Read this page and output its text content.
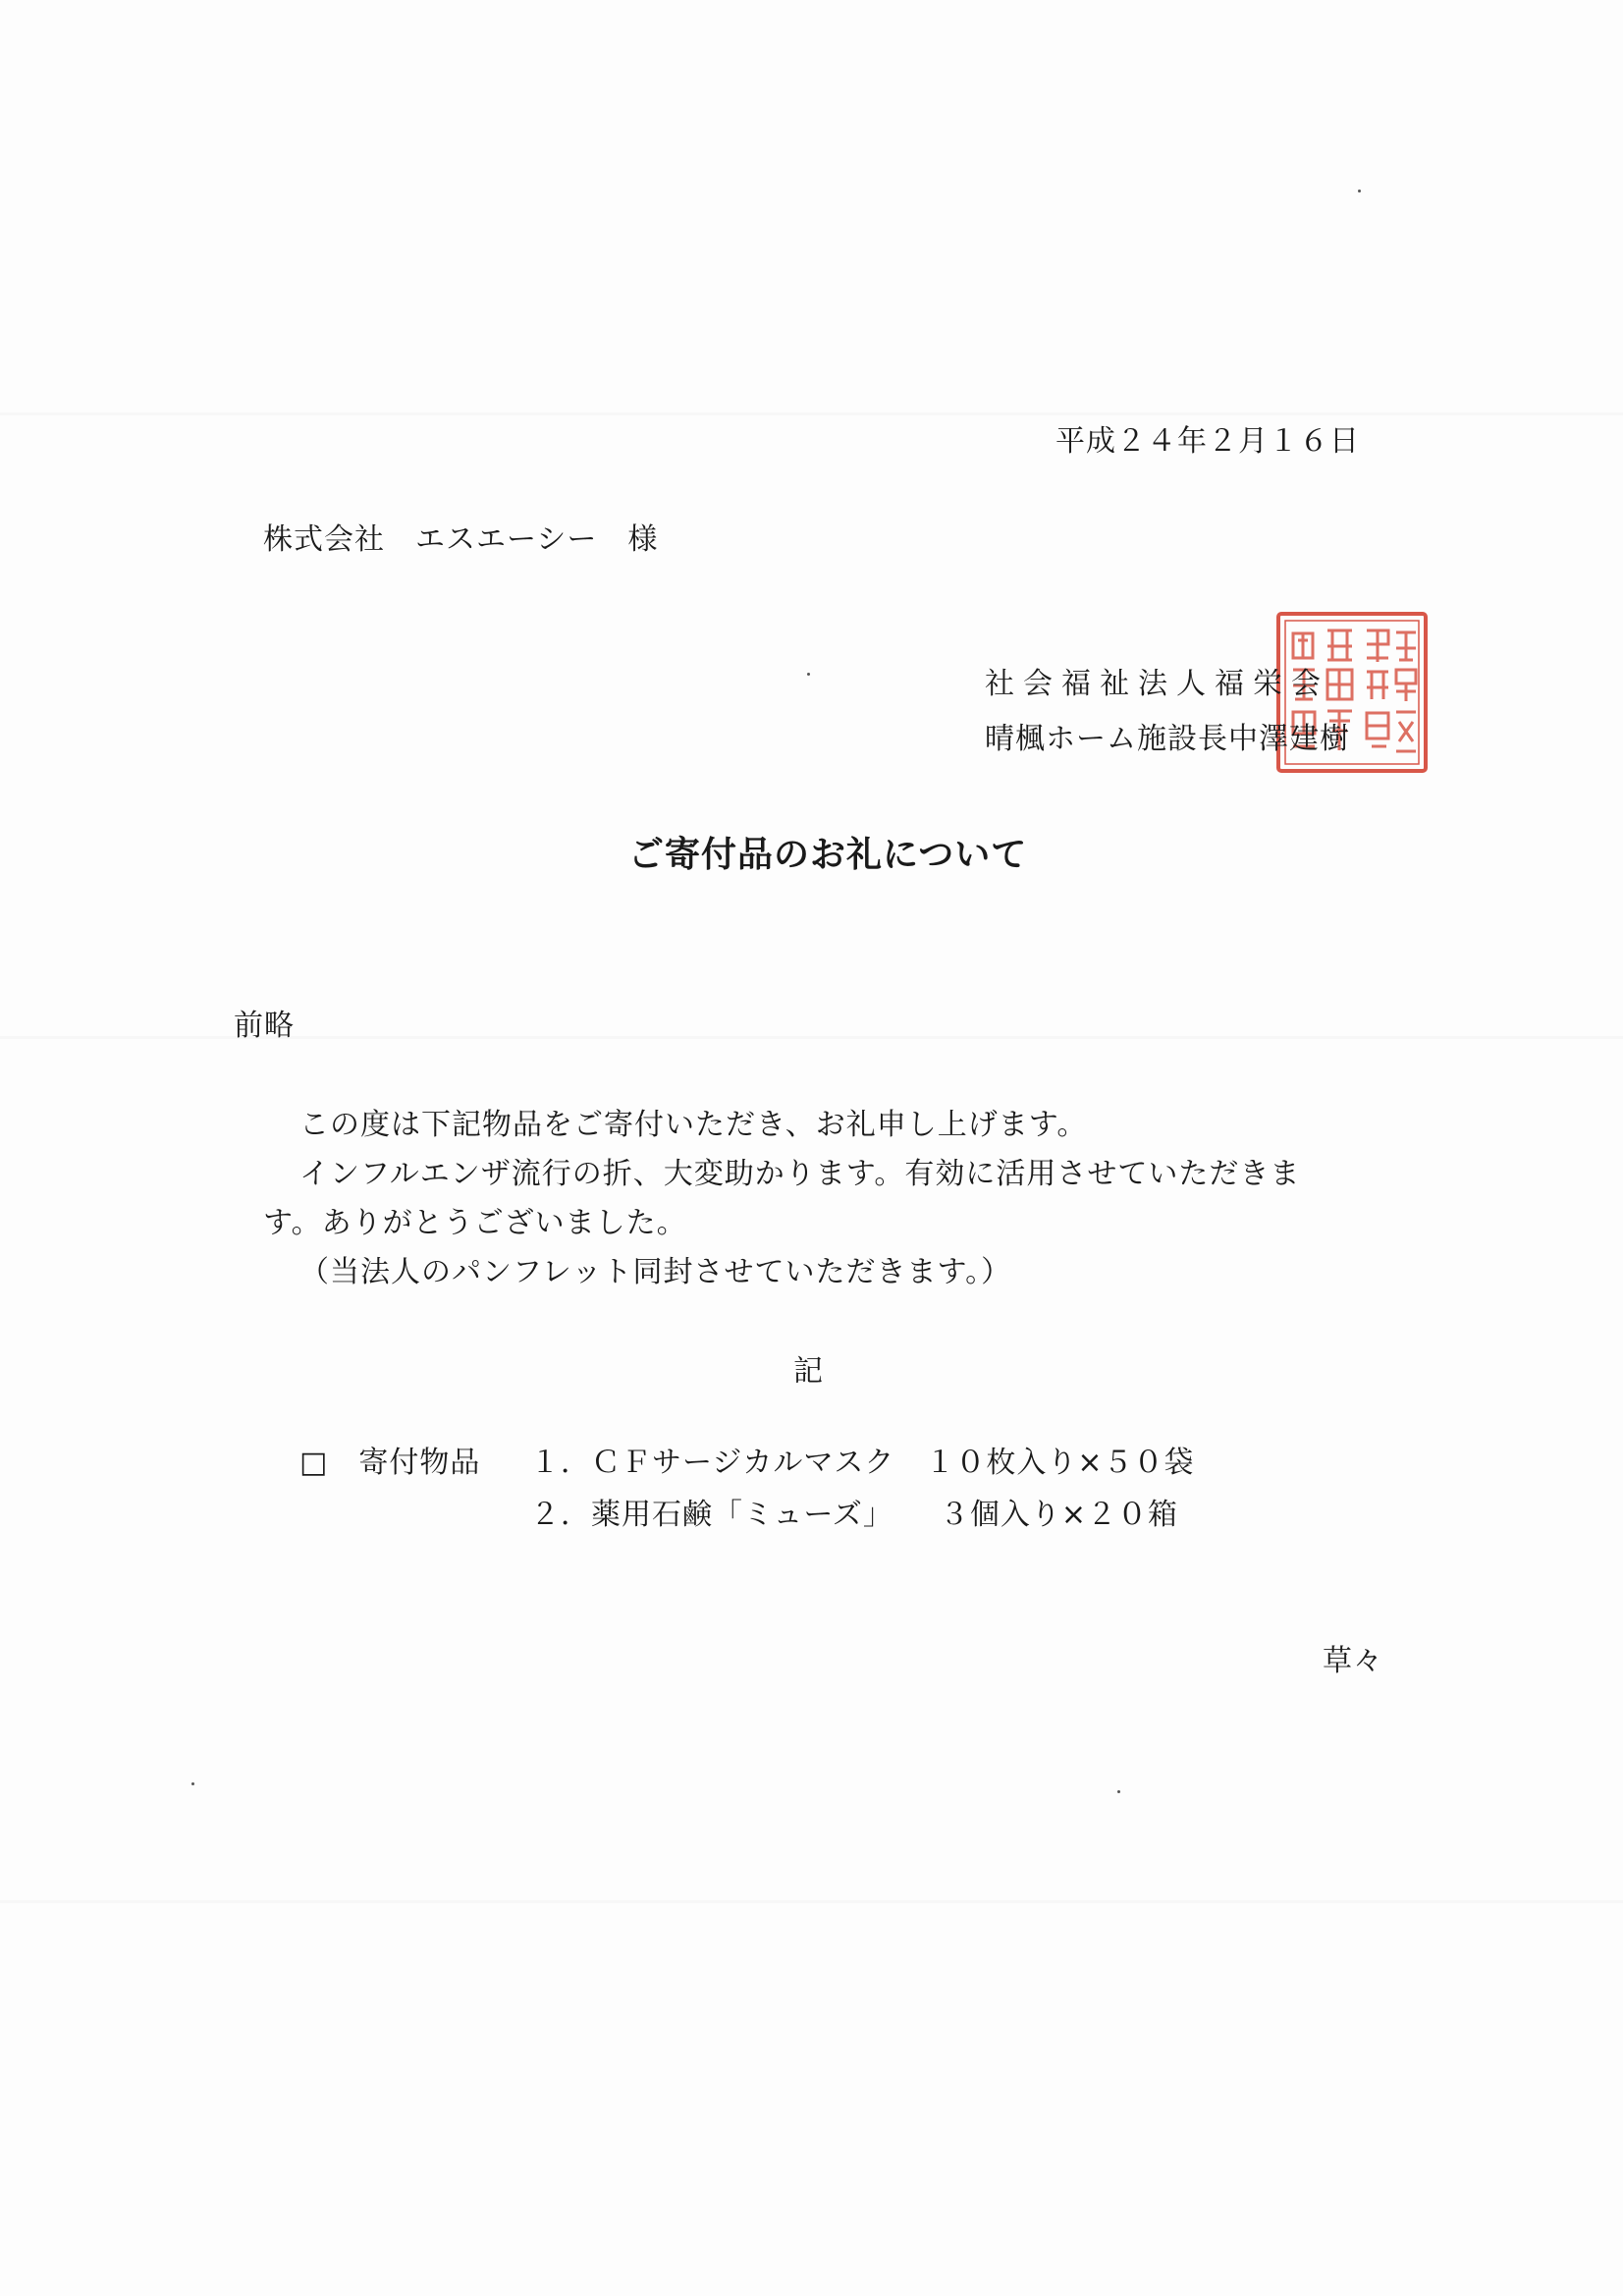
平成２４年２月１６日
株式会社　エスエーシー　様
社会福祉法人福栄会
晴楓ホーム施設長中澤建樹
ご寄付品のお礼について
前略
この度は下記物品をご寄付いただき、お礼申し上げます。
インフルエンザ流行の折、大変助かります。有効に活用させていただきま
す。ありがとうございました。
（当法人のパンフレット同封させていただきます。）
記
□　寄付物品 １．ＣＦサージカルマスク　１０枚入り×５０袋
２．薬用石鹸「ミューズ」　　３個入り×２０箱
草々
